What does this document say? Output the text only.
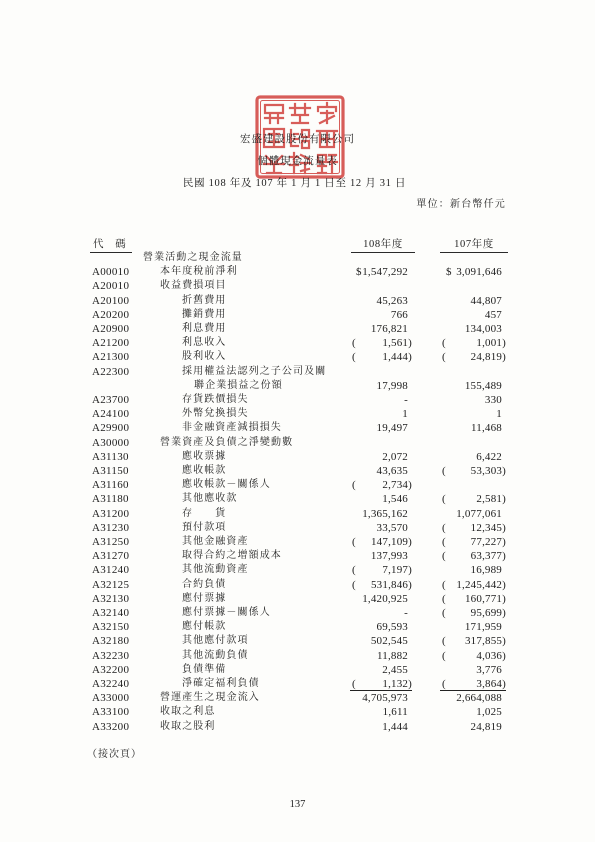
宏盛建設股份有限公司
個體現金流量表
民國 108 年及 107 年 1 月 1 日至 12 月 31 日
單位：新台幣仟元
代　碼	108年度	107年度
營業活動之現金流量
A00010	本年度稅前淨利	$ 1,547,292	$ 3,091,646
A20010	收益費損項目
A20100	折舊費用	45,263	44,807
A20200	攤銷費用	766	457
A20900	利息費用	176,821	134,003
A21200	利息收入	( 1,561)	(	1,001)
A21300	股利收入	( 1,444)	( 24,819)
A22300	採用權益法認列之子公司及關
聯企業損益之份額	17,998	155,489
A23700	存貨跌價損失	-	330
A24100	外幣兌換損失	1	1
A29900	非金融資產減損損失	19,497	11,468
A30000	營業資產及負債之淨變動數
A31130	應收票據	2,072	6,422
A31150	應收帳款	43,635	( 53,303)
A31160	應收帳款－關係人	( 2,734)
A31180	其他應收款	1,546	(	2,581)
A31200	存　　貨	1,365,162	1,077,061
A31230	預付款項	33,570	( 12,345)
A31250	其他金融資產	( 147,109)	( 77,227)
A31270	取得合約之增額成本	137,993	( 63,377)
A31240	其他流動資產	( 7,197)	16,989
A32125	合約負債	( 531,846)	( 1,245,442)
A32130	應付票據	1,420,925	( 160,771)
A32140	應付票據－關係人	-	( 95,699)
A32150	應付帳款	69,593	171,959
A32180	其他應付款項	502,545	( 317,855)
A32230	其他流動負債	11,882	(	4,036)
A32200	負債準備	2,455	3,776
A32240	淨確定福利負債	( 1,132)	(	3,864)
A33000	營運產生之現金流入	4,705,973	2,664,088
A33100	收取之利息	1,611	1,025
A33200	收取之股利	1,444	24,819
（接次頁）
137
